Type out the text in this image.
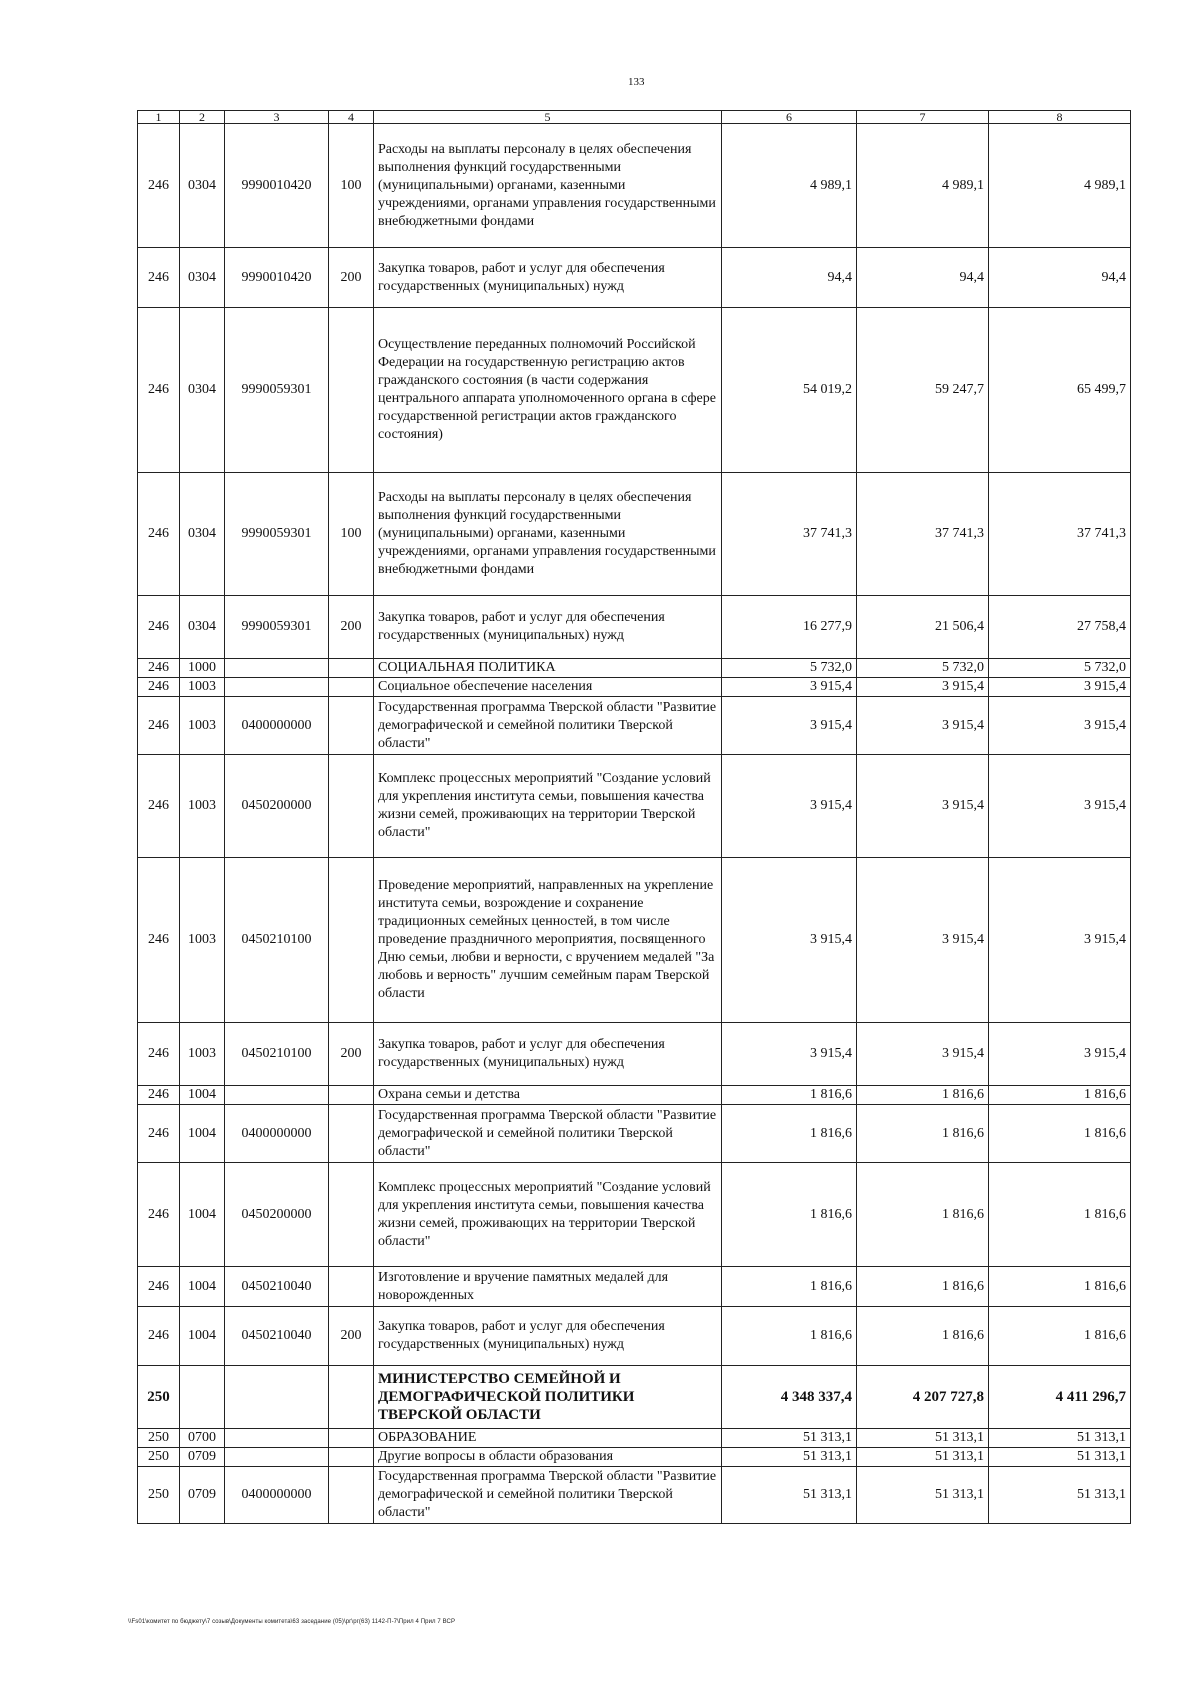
133
1	2	3	4	5	6	7	8
246	0304	9990010420	100	Расходы на выплаты персоналу в целях обеспечения выполнения функций государственными (муниципальными) органами, казенными учреждениями, органами управления государственными внебюджетными фондами	4 989,1	4 989,1	4 989,1
246	0304	9990010420	200	Закупка товаров, работ и услуг для обеспечения государственных (муниципальных) нужд	94,4	94,4	94,4
246	0304	9990059301		Осуществление переданных полномочий Российской Федерации на государственную регистрацию актов гражданского состояния (в части содержания центрального аппарата уполномоченного органа в сфере государственной регистрации актов гражданского состояния)	54 019,2	59 247,7	65 499,7
246	0304	9990059301	100	Расходы на выплаты персоналу в целях обеспечения выполнения функций государственными (муниципальными) органами, казенными учреждениями, органами управления государственными внебюджетными фондами	37 741,3	37 741,3	37 741,3
246	0304	9990059301	200	Закупка товаров, работ и услуг для обеспечения государственных (муниципальных) нужд	16 277,9	21 506,4	27 758,4
246	1000			СОЦИАЛЬНАЯ ПОЛИТИКА	5 732,0	5 732,0	5 732,0
246	1003			Социальное обеспечение населения	3 915,4	3 915,4	3 915,4
246	1003	0400000000		Государственная программа Тверской области "Развитие демографической и семейной политики Тверской области"	3 915,4	3 915,4	3 915,4
246	1003	0450200000		Комплекс процессных мероприятий "Создание условий для укрепления института семьи, повышения качества жизни семей, проживающих на территории Тверской области"	3 915,4	3 915,4	3 915,4
246	1003	0450210100		Проведение мероприятий, направленных на укрепление института семьи, возрождение и сохранение традиционных семейных ценностей, в том числе проведение праздничного мероприятия, посвященного Дню семьи, любви и верности, с вручением медалей "За любовь и верность" лучшим семейным парам Тверской области	3 915,4	3 915,4	3 915,4
246	1003	0450210100	200	Закупка товаров, работ и услуг для обеспечения государственных (муниципальных) нужд	3 915,4	3 915,4	3 915,4
246	1004			Охрана семьи и детства	1 816,6	1 816,6	1 816,6
246	1004	0400000000		Государственная программа Тверской области "Развитие демографической и семейной политики Тверской области"	1 816,6	1 816,6	1 816,6
246	1004	0450200000		Комплекс процессных мероприятий "Создание условий для укрепления института семьи, повышения качества жизни семей, проживающих на территории Тверской области"	1 816,6	1 816,6	1 816,6
246	1004	0450210040		Изготовление и вручение памятных медалей для новорожденных	1 816,6	1 816,6	1 816,6
246	1004	0450210040	200	Закупка товаров, работ и услуг для обеспечения государственных (муниципальных) нужд	1 816,6	1 816,6	1 816,6
250				МИНИСТЕРСТВО СЕМЕЙНОЙ И ДЕМОГРАФИЧЕСКОЙ ПОЛИТИКИ ТВЕРСКОЙ ОБЛАСТИ	4 348 337,4	4 207 727,8	4 411 296,7
250	0700			ОБРАЗОВАНИЕ	51 313,1	51 313,1	51 313,1
250	0709			Другие вопросы в области образования	51 313,1	51 313,1	51 313,1
250	0709	0400000000		Государственная программа Тверской области "Развитие демографической и семейной политики Тверской области"	51 313,1	51 313,1	51 313,1
\\Fs01\комитет по бюджету\7 созыв\Документы комитета\63 заседание (05)\рг\рг(63) 1142-П-7\Прил 4 Прил 7 ВСР
